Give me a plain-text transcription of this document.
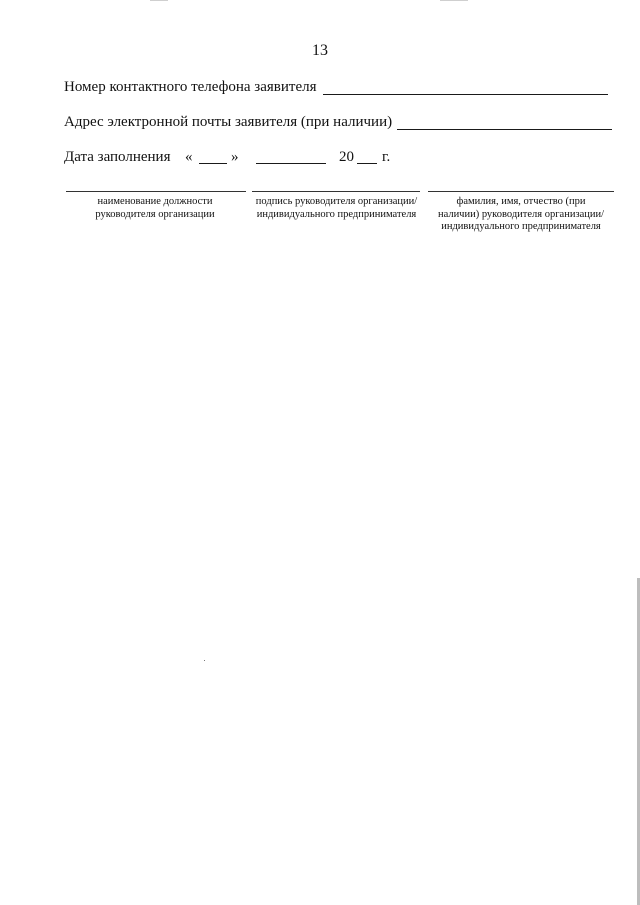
13
Номер контактного телефона заявителя
Адрес электронной почты заявителя (при наличии)
Дата заполнения «	»	20 г.
наименование должности руководителя организации
подпись руководителя организации/индивидуального предпринимателя
фамилия, имя, отчество (при наличии) руководителя организации/индивидуального предпринимателя
